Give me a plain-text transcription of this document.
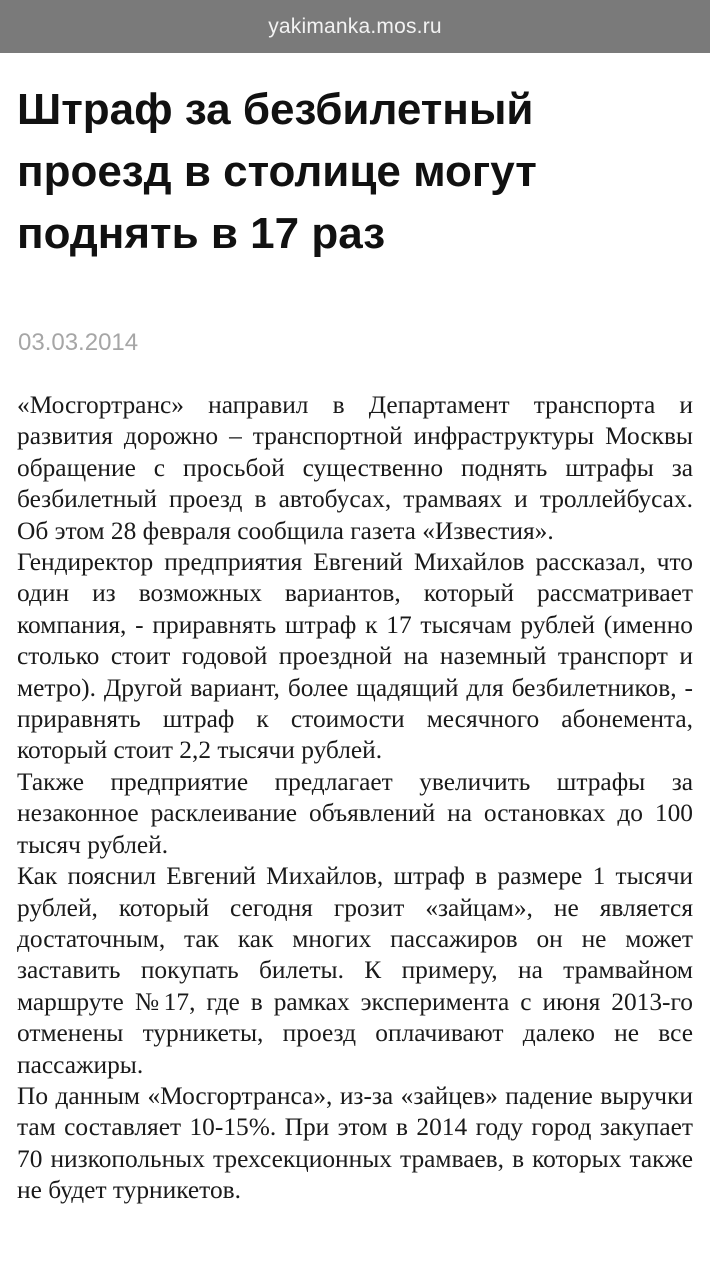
yakimanka.mos.ru
Штраф за безбилетный проезд в столице могут поднять в 17 раз
03.03.2014

«Мосгортранс» направил в Департамент транспорта и развития дорожно – транспортной инфраструктуры Москвы обращение с просьбой существенно поднять штрафы за безбилетный проезд в автобусах, трамваях и троллейбусах. Об этом 28 февраля сообщила газета «Известия».

Гендиректор предприятия Евгений Михайлов рассказал, что один из возможных вариантов, который рассматривает компания, - приравнять штраф к 17 тысячам рублей (именно столько стоит годовой проездной на наземный транспорт и метро). Другой вариант, более щадящий для безбилетников, - приравнять штраф к стоимости месячного абонемента, который стоит 2,2 тысячи рублей.

Также предприятие предлагает увеличить штрафы за незаконное расклеивание объявлений на остановках до 100 тысяч рублей.

Как пояснил Евгений Михайлов, штраф в размере 1 тысячи рублей, который сегодня грозит «зайцам», не является достаточным, так как многих пассажиров он не может заставить покупать билеты. К примеру, на трамвайном маршруте №17, где в рамках эксперимента с июня 2013-го отменены турникеты, проезд оплачивают далеко не все пассажиры.

По данным «Мосгортранса», из-за «зайцев» падение выручки там составляет 10-15%. При этом в 2014 году город закупает 70 низкопольных трехсекционных трамваев, в которых также не будет турникетов.
